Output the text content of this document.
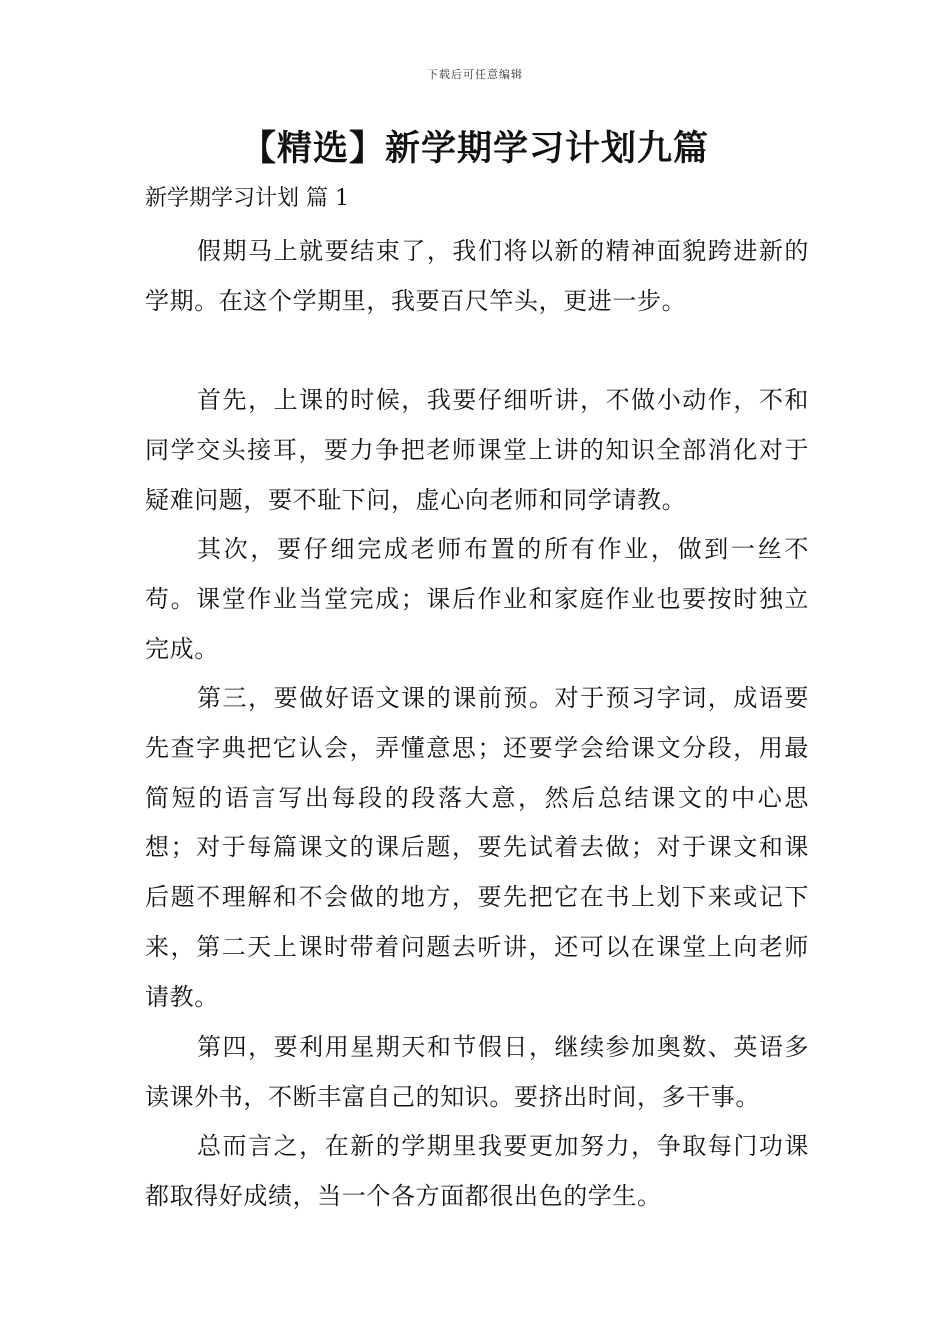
下载后可任意编辑
【精选】新学期学习计划九篇

新学期学习计划 篇 1

假期马上就要结束了，我们将以新的精神面貌跨进新的学期。在这个学期里，我要百尺竿头，更进一步。

首先，上课的时候，我要仔细听讲，不做小动作，不和同学交头接耳，要力争把老师课堂上讲的知识全部消化对于疑难问题，要不耻下问，虚心向老师和同学请教。

其次，要仔细完成老师布置的所有作业，做到一丝不苟。课堂作业当堂完成；课后作业和家庭作业也要按时独立完成。

第三，要做好语文课的课前预。对于预习字词，成语要先查字典把它认会，弄懂意思；还要学会给课文分段，用最简短的语言写出每段的段落大意，然后总结课文的中心思想；对于每篇课文的课后题，要先试着去做；对于课文和课后题不理解和不会做的地方，要先把它在书上划下来或记下来，第二天上课时带着问题去听讲，还可以在课堂上向老师请教。

第四，要利用星期天和节假日，继续参加奥数、英语多读课外书，不断丰富自己的知识。要挤出时间，多干事。

总而言之，在新的学期里我要更加努力，争取每门功课都取得好成绩，当一个各方面都很出色的学生。
